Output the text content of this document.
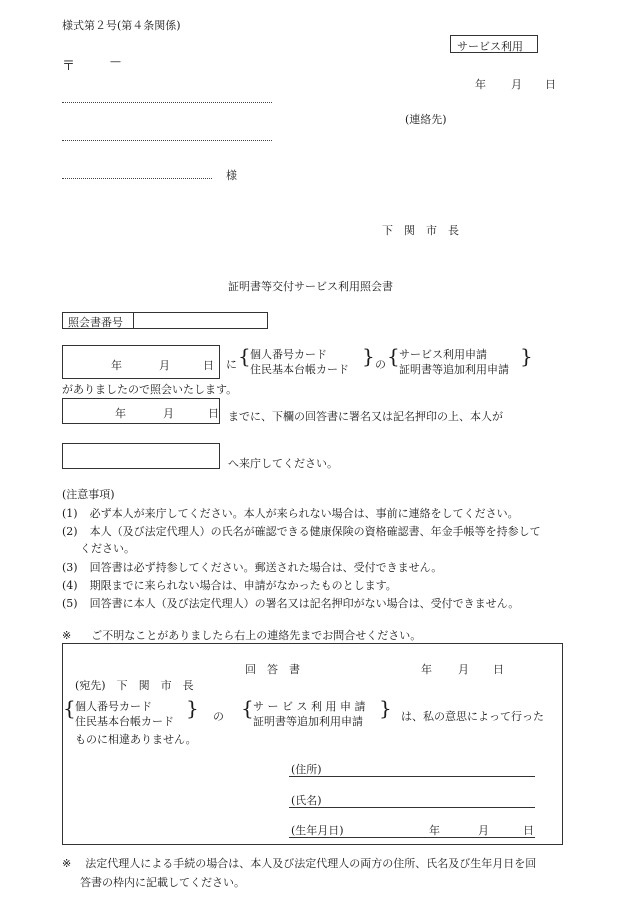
様式第２号(第４条関係)
サービス利用
〒	—
年 月 日
(連絡先)
様
下　関　市　長
証明書等交付サービス利用照会書
照会書番号
年	月	日 に { 個人番号カード
住民基本台帳カード
} の { サービス利用申請
証明書等追加利用申請
}
がありましたので照会いたします。
年	月	日 までに、下欄の回答書に署名又は記名押印の上、本人が
へ来庁してください。
(注意事項)
(1) 必ず本人が来庁してください。本人が来られない場合は、事前に連絡をしてください。
(2) 本人（及び法定代理人）の氏名が確認できる健康保険の資格確認書、年金手帳等を持参して
ください。
(3) 回答書は必ず持参してください。郵送された場合は、受付できません。
(4) 期限までに来られない場合は、申請がなかったものとします。
(5) 回答書に本人（及び法定代理人）の署名又は記名押印がない場合は、受付できません。
※ ご不明なことがありましたら右上の連絡先までお問合せください。
回　答　書	年 月 日
(宛先)　下　関　市　長
{ 個人番号カード
住民基本台帳カード
} の { サ ー ビ ス 利 用 申 請
証明書等追加利用申請
} は、私の意思によって行った
ものに相違ありません。
(住所)
(氏名)
(生年月日)	年	月	日
※ 法定代理人による手続の場合は、本人及び法定代理人の両方の住所、氏名及び生年月日を回
答書の枠内に記載してください。
